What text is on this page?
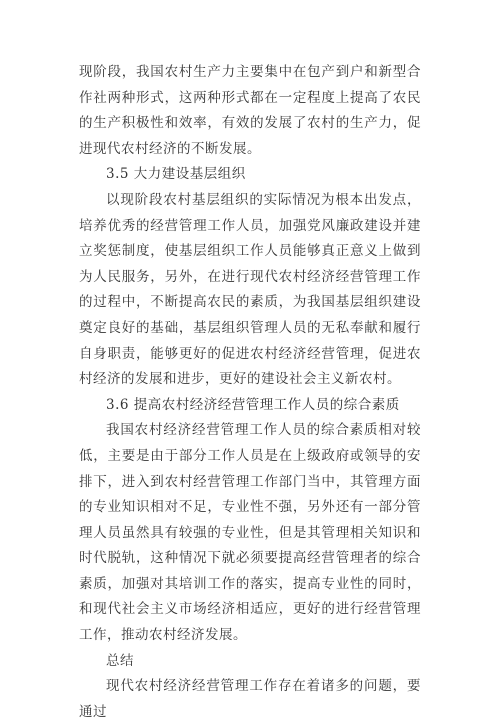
现阶段，我国农村生产力主要集中在包产到户和新型合作社两种形式，这两种形式都在一定程度上提高了农民的生产积极性和效率，有效的发展了农村的生产力，促进现代农村经济的不断发展。

3.5 大力建设基层组织

以现阶段农村基层组织的实际情况为根本出发点，培养优秀的经营管理工作人员，加强党风廉政建设并建立奖惩制度，使基层组织工作人员能够真正意义上做到为人民服务，另外，在进行现代农村经济经营管理工作的过程中，不断提高农民的素质，为我国基层组织建设奠定良好的基础，基层组织管理人员的无私奉献和履行自身职责，能够更好的促进农村经济经营管理，促进农村经济的发展和进步，更好的建设社会主义新农村。

3.6 提高农村经济经营管理工作人员的综合素质

我国农村经济经营管理工作人员的综合素质相对较低，主要是由于部分工作人员是在上级政府或领导的安排下，进入到农村经营管理工作部门当中，其管理方面的专业知识相对不足，专业性不强，另外还有一部分管理人员虽然具有较强的专业性，但是其管理相关知识和时代脱轨，这种情况下就必须要提高经营管理者的综合素质，加强对其培训工作的落实，提高专业性的同时，和现代社会主义市场经济相适应，更好的进行经营管理工作，推动农村经济发展。

总结

现代农村经济经营管理工作存在着诸多的问题，要通过
